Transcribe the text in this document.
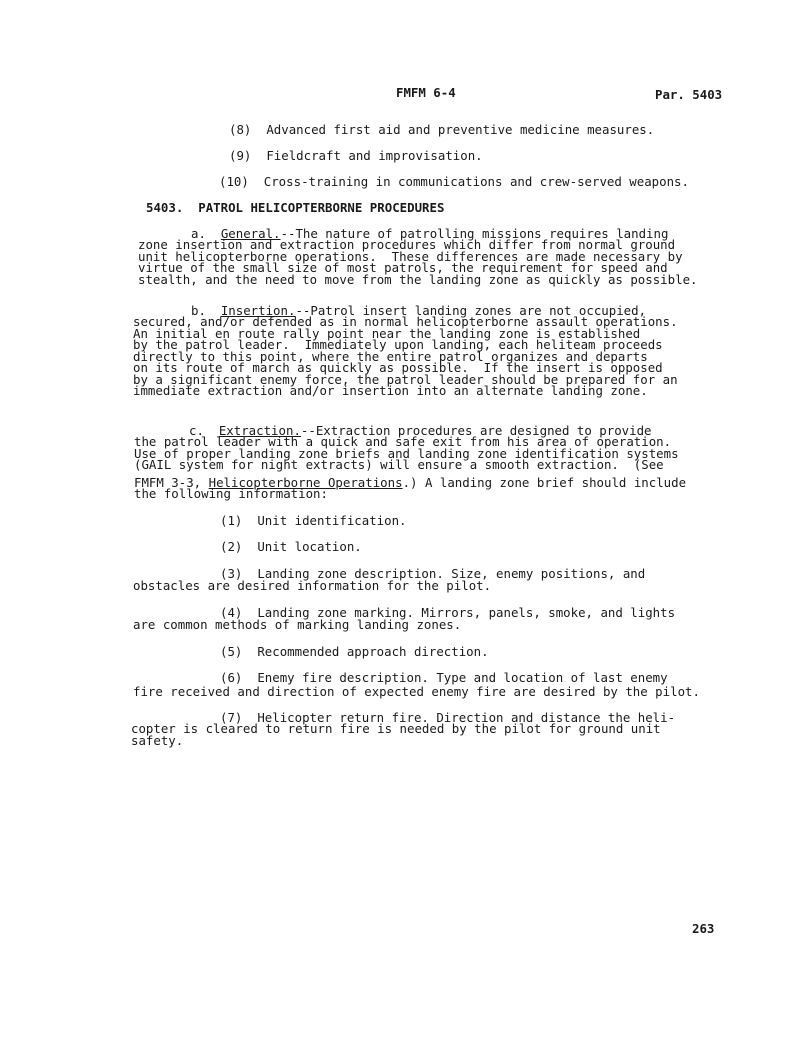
FMFM 6-4	Par. 5403
(8) Advanced first aid and preventive medicine measures.
(9) Fieldcraft and improvisation.
(10) Cross-training in communications and crew-served weapons.
5403. PATROL HELICOPTERBORNE PROCEDURES
a. General.--The nature of patrolling missions requires landing
zone insertion and extraction procedures which differ from normal ground
unit helicopterborne operations.  These differences are made necessary by
virtue of the small size of most patrols, the requirement for speed and
stealth, and the need to move from the landing zone as quickly as possible.
b. Insertion.--Patrol insert landing zones are not occupied,
secured, and/or defended as in normal helicopterborne assault operations.
An initial en route rally point near the landing zone is established
by the patrol leader.  Immediately upon landing, each heliteam proceeds
directly to this point, where the entire patrol organizes and departs
on its route of march as quickly as possible.  If the insert is opposed
by a significant enemy force, the patrol leader should be prepared for an
immediate extraction and/or insertion into an alternate landing zone.
c. Extraction.--Extraction procedures are designed to provide
the patrol leader with a quick and safe exit from his area of operation.
Use of proper landing zone briefs and landing zone identification systems
(GAIL system for night extracts) will ensure a smooth extraction.  (See
FMFM 3-3, Helicopterborne Operations.) A landing zone brief should include
the following information:
(1) Unit identification.
(2) Unit location.
(3) Landing zone description. Size, enemy positions, and
obstacles are desired information for the pilot.
(4) Landing zone marking. Mirrors, panels, smoke, and lights
are common methods of marking landing zones.
(5) Recommended approach direction.
(6) Enemy fire description. Type and location of last enemy
fire received and direction of expected enemy fire are desired by the pilot.
(7) Helicopter return fire. Direction and distance the heli-
copter is cleared to return fire is needed by the pilot for ground unit
safety.
263
